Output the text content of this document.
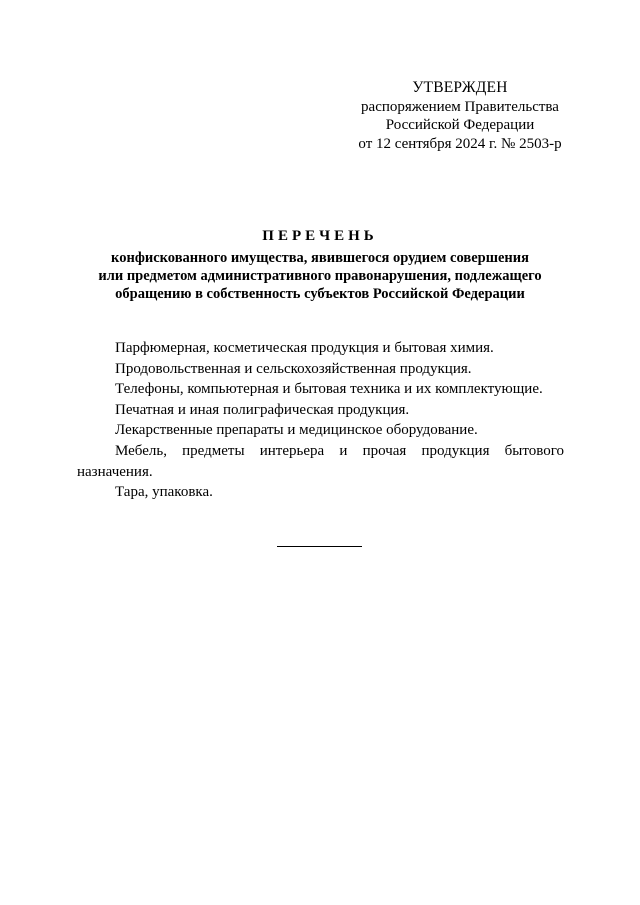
УТВЕРЖДЕН
распоряжением Правительства
Российской Федерации
от 12 сентября 2024 г. № 2503-р
ПЕРЕЧЕНЬ
конфискованного имущества, явившегося орудием совершения
или предметом административного правонарушения, подлежащего
обращению в собственность субъектов Российской Федерации
Парфюмерная, косметическая продукция и бытовая химия.
Продовольственная и сельскохозяйственная продукция.
Телефоны, компьютерная и бытовая техника и их комплектующие.
Печатная и иная полиграфическая продукция.
Лекарственные препараты и медицинское оборудование.
Мебель, предметы интерьера и прочая продукция бытового назначения.
Тара, упаковка.
